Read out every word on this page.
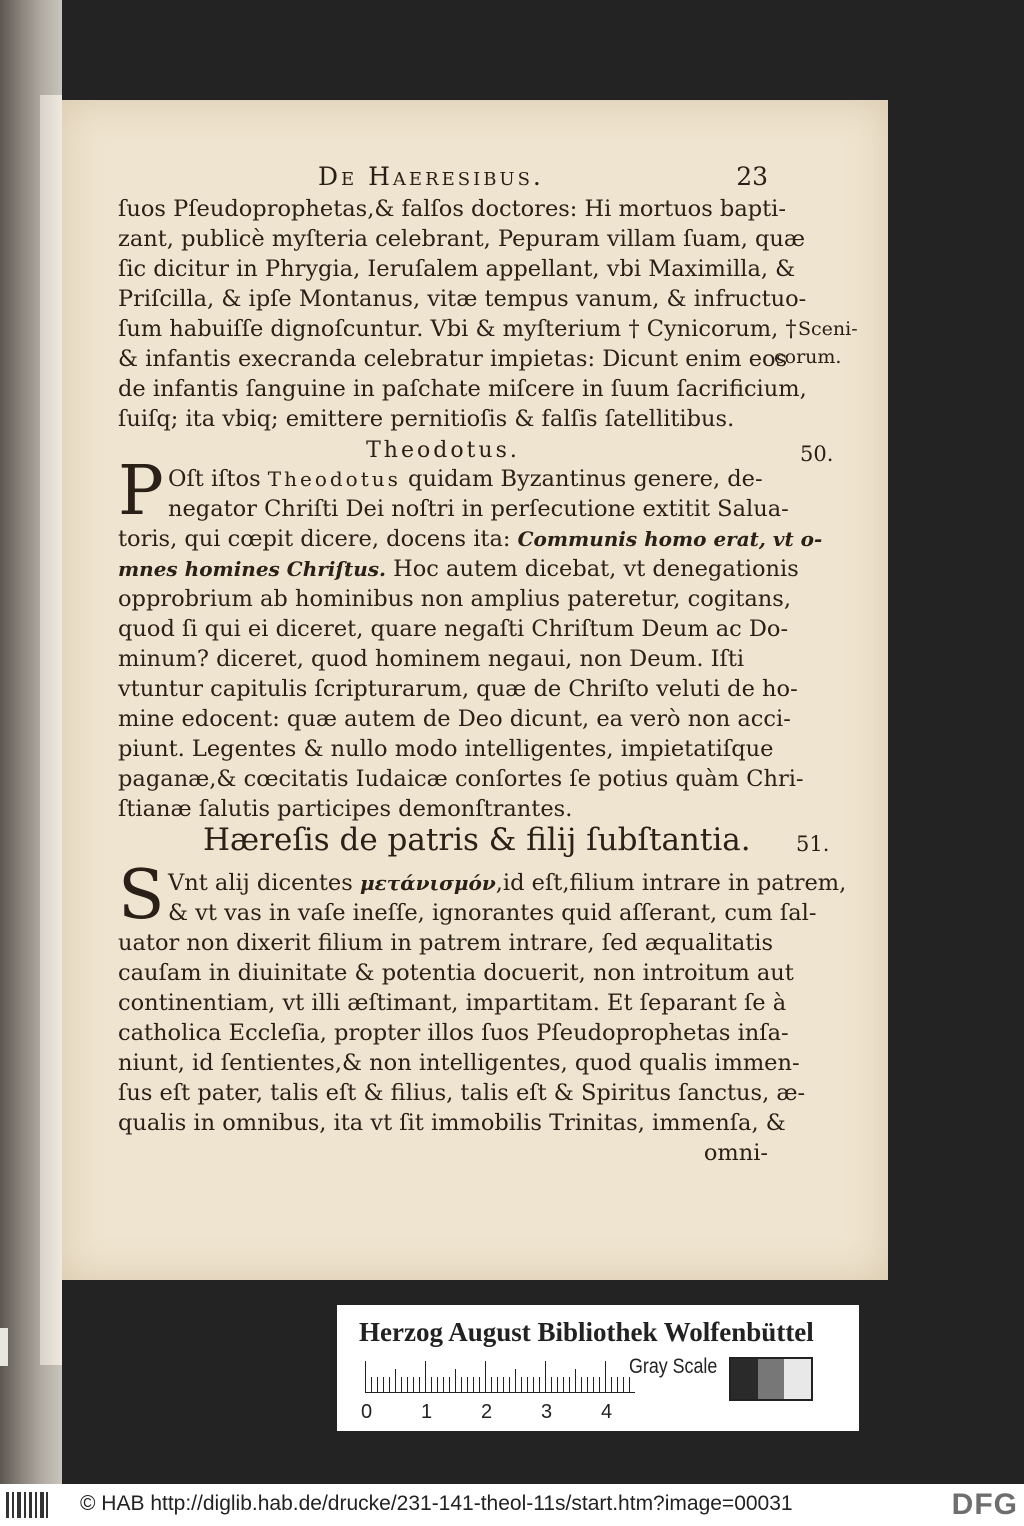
De Haeresibus.	23
ſuos Pſeudoprophetas,& falſos doctores: Hi mortuos bapti-
zant, publicè myſteria celebrant, Pepuram villam ſuam, quæ
ſic dicitur in Phrygia, Ieruſalem appellant, vbi Maximilla, &
Priſcilla, & ipſe Montanus, vitæ tempus vanum, & infructuo-
ſum habuiſſe dignoſcuntur. Vbi & myſterium † Cynicorum, †
& infantis execranda celebratur impietas: Dicunt enim eos
de infantis ſanguine in paſchate miſcere in ſuum ſacrificium,
ſuiſq; ita vbiq; emittere pernitioſis & falſis ſatellitibus.
Theodotus.
P Oſt iſtos Theodotus quidam Byzantinus genere, de-
negator Chriſti Dei noſtri in perſecutione extitit Salua-
toris, qui cœpit dicere, docens ita: Communis homo erat, vt o-
mnes homines Chriſtus. Hoc autem dicebat, vt denegationis
opprobrium ab hominibus non amplius pateretur, cogitans,
quod ſi qui ei diceret, quare negaſti Chriſtum Deum ac Do-
minum? diceret, quod hominem negaui, non Deum. Iſti
vtuntur capitulis ſcripturarum, quæ de Chriſto veluti de ho-
mine edocent: quæ autem de Deo dicunt, ea verò non acci-
piunt. Legentes & nullo modo intelligentes, impietatiſque
paganæ,& cœcitatis Iudaicæ conſortes ſe potius quàm Chri-
ſtianæ ſalutis participes demonſtrantes.
Hæreſis de patris & filij ſubſtantia.
S Vnt alij dicentes μετάνισμόν,id eſt,filium intrare in patrem,
& vt vas in vaſe ineſſe, ignorantes quid aſſerant, cum ſal-
uator non dixerit filium in patrem intrare, ſed æqualitatis
cauſam in diuinitate & potentia docuerit, non introitum aut
continentiam, vt illi æſtimant, impartitam. Et ſeparant ſe à
catholica Eccleſia, propter illos ſuos Pſeudoprophetas inſa-
niunt, id ſentientes,& non intelligentes, quod qualis immen-
ſus eſt pater, talis eſt & filius, talis eſt & Spiritus ſanctus, æ-
qualis in omnibus, ita vt ſit immobilis Trinitas, immenſa, &
omni-
Sceni-
corum.
50.
51.
Herzog August Bibliothek Wolfenbüttel
0 1 2 3 4
Gray Scale
© HAB http://diglib.hab.de/drucke/231-141-theol-11s/start.htm?image=00031	DFG
